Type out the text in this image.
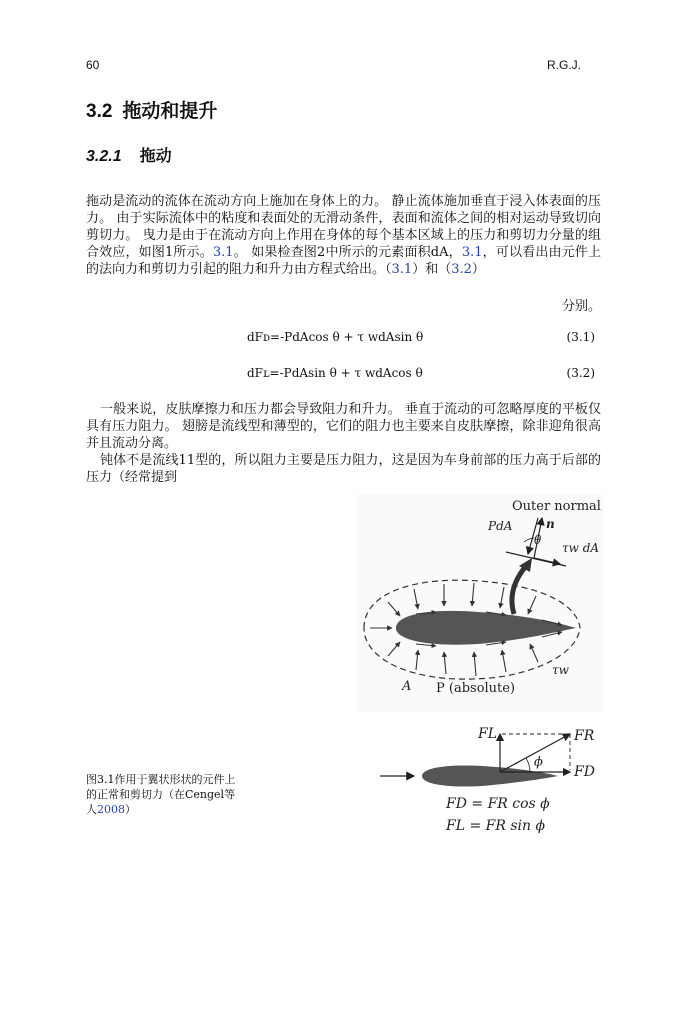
60	R.G.J.
3.2 拖动和提升
3.2.1 拖动
拖动是流动的流体在流动方向上施加在身体上的力。 静止流体施加垂直于浸入体表面的压力。 由于实际流体中的粘度和表面处的无滑动条件，表面和流体之间的相对运动导致切向剪切力。 曳力是由于在流动方向上作用在身体的每个基本区域上的压力和剪切力分量的组合效应，如图1所示。3.1。 如果检查图2中所示的元素面积dA，3.1，可以看出由元件上的法向力和剪切力引起的阻力和升力由方程式给出。（3.1）和（3.2）
分别。
dFᴅ=-PdAcos θ + τ wdAsin θ	(3.1)
dFʟ=-PdAsin θ + τ wdAcos θ	(3.2)
一般来说，皮肤摩擦力和压力都会导致阻力和升力。 垂直于流动的可忽略厚度的平板仅具有压力阻力。 翅膀是流线型和薄型的，它们的阻力也主要来自皮肤摩擦，除非迎角很高并且流动分离。
钝体不是流线11型的，所以阻力主要是压力阻力，这是因为车身前部的压力高于后部的压力（经常提到
Outer normal
PdA	n
θ
τw dA
τw
A P (absolute)
FL	FR
FD
ϕ
FD = FR cos ϕ
FL = FR sin ϕ
图3.1作用于翼状形状的元件上的正常和剪切力（在Cengel等人2008）
